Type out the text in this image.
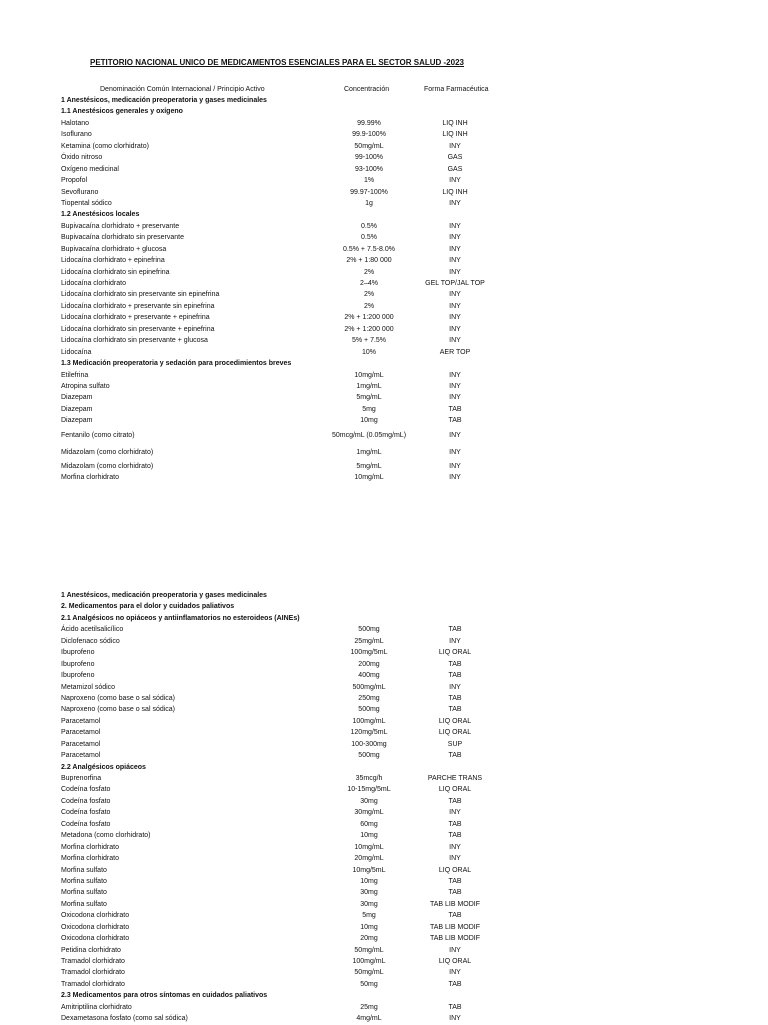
PETITORIO NACIONAL UNICO DE MEDICAMENTOS ESENCIALES PARA EL SECTOR SALUD -2023
Denominación Común Internacional / Principio Activo	Concentración	Forma Farmacéutica
1 Anestésicos, medicación preoperatoria y gases medicinales
1.1 Anestésicos generales y oxígeno
Halotano	99.99%	LIQ INH
Isoflurano	99.9-100%	LIQ INH
Ketamina (como clorhidrato)	50mg/mL	INY
Óxido nitroso	99-100%	GAS
Oxígeno medicinal	93-100%	GAS
Propofol	1%	INY
Sevoflurano	99.97-100%	LIQ INH
Tiopental sódico	1g	INY
1.2 Anestésicos locales
Bupivacaína clorhidrato + preservante	0.5%	INY
Bupivacaína clorhidrato sin preservante	0.5%	INY
Bupivacaína clorhidrato + glucosa	0.5% + 7.5-8.0%	INY
Lidocaína clorhidrato + epinefrina	2% + 1:80 000	INY
Lidocaína clorhidrato sin epinefrina	2%	INY
Lidocaína clorhidrato	2–4%	GEL TOP/JAL TOP
Lidocaína clorhidrato sin preservante sin epinefrina	2%	INY
Lidocaína clorhidrato + preservante sin epinefrina	2%	INY
Lidocaína clorhidrato + preservante + epinefrina	2% + 1:200 000	INY
Lidocaína clorhidrato sin preservante + epinefrina	2% + 1:200 000	INY
Lidocaína clorhidrato sin preservante + glucosa	5% + 7.5%	INY
Lidocaína	10%	AER TOP
1.3 Medicación preoperatoria y sedación para procedimientos breves
Etilefrina	10mg/mL	INY
Atropina sulfato	1mg/mL	INY
Diazepam	5mg/mL	INY
Diazepam	5mg	TAB
Diazepam	10mg	TAB
Fentanilo (como citrato)	50mcg/mL (0.05mg/mL)	INY
Midazolam (como clorhidrato)	1mg/mL	INY
Midazolam (como clorhidrato)	5mg/mL	INY
Morfina clorhidrato	10mg/mL	INY
1 Anestésicos, medicación preoperatoria y gases medicinales
2. Medicamentos para el dolor y cuidados paliativos
2.1 Analgésicos no opiáceos y antiinflamatorios no esteroideos (AINEs)
Ácido acetilsalicílico	500mg	TAB
Diclofenaco sódico	25mg/mL	INY
Ibuprofeno	100mg/5mL	LIQ ORAL
Ibuprofeno	200mg	TAB
Ibuprofeno	400mg	TAB
Metamizol sódico	500mg/mL	INY
Naproxeno (como base o sal sódica)	250mg	TAB
Naproxeno (como base o sal sódica)	500mg	TAB
Paracetamol	100mg/mL	LIQ ORAL
Paracetamol	120mg/5mL	LIQ ORAL
Paracetamol	100-300mg	SUP
Paracetamol	500mg	TAB
2.2 Analgésicos opiáceos
Buprenorfina	35mcg/h	PARCHE TRANS
Codeína fosfato	10-15mg/5mL	LIQ ORAL
Codeína fosfato	30mg	TAB
Codeína fosfato	30mg/mL	INY
Codeína fosfato	60mg	TAB
Metadona (como clorhidrato)	10mg	TAB
Morfina clorhidrato	10mg/mL	INY
Morfina clorhidrato	20mg/mL	INY
Morfina sulfato	10mg/5mL	LIQ ORAL
Morfina sulfato	10mg	TAB
Morfina sulfato	30mg	TAB
Morfina sulfato	30mg	TAB LIB MODIF
Oxicodona clorhidrato	5mg	TAB
Oxicodona clorhidrato	10mg	TAB LIB MODIF
Oxicodona clorhidrato	20mg	TAB LIB MODIF
Petidina clorhidrato	50mg/mL	INY
Tramadol clorhidrato	100mg/mL	LIQ ORAL
Tramadol clorhidrato	50mg/mL	INY
Tramadol clorhidrato	50mg	TAB
2.3 Medicamentos para otros síntomas en cuidados paliativos
Amitriptilina clorhidrato	25mg	TAB
Dexametasona fosfato (como sal sódica)	4mg/mL	INY
